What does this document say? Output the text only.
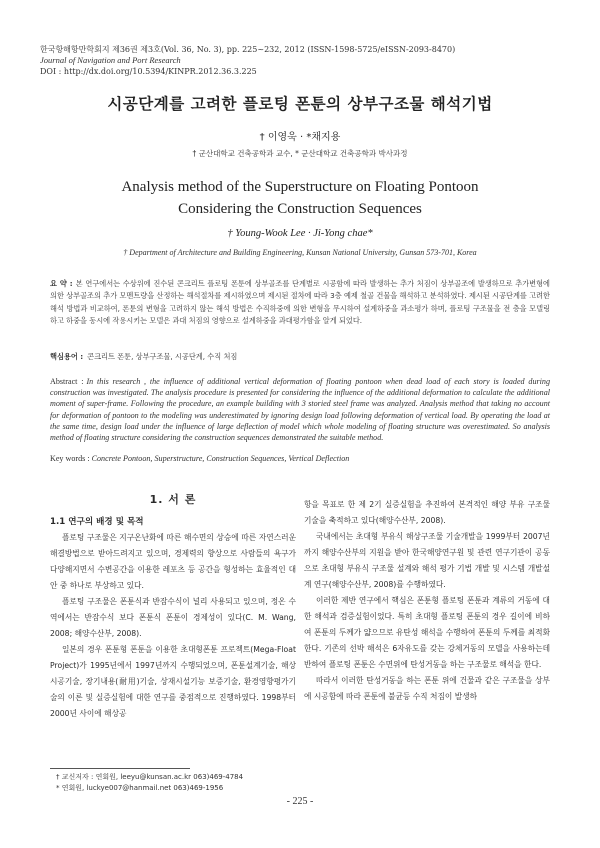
한국항해항만학회지 제36권 제3호(Vol. 36, No. 3), pp. 225~232, 2012 (ISSN-1598-5725/eISSN-2093-8470)
Journal of Navigation and Port Research
DOI : http://dx.doi.org/10.5394/KINPR.2012.36.3.225
시공단계를 고려한 플로팅 폰툰의 상부구조물 해석기법
† 이영욱 · *채지용
† 군산대학교 건축공학과 교수, * 군산대학교 건축공학과 박사과정
Analysis method of the Superstructure on Floating Pontoon
Considering the Construction Sequences
† Young-Wook Lee · Ji-Yong chae*
† Department of Architecture and Building Engineering, Kunsan National University, Gunsan 573-701, Korea
요 약 : 본 연구에서는 수상위에 진수된 콘크리트 플로팅 폰툰에 상부골조를 단계별로 시공함에 따라 발생하는 추가 처짐이 상부골조에 발생하므로 추가변형에 의한 상부골조의 추가 모멘트량을 산정하는 해석절차를 제시하였으며 제시된 절차에 따라 3층 예제 철골 건물을 해석하고 분석하였다. 제시된 시공단계를 고려한 해석 방법과 비교하여, 폰툰의 변형을 고려하지 않는 해석 방법은 수직하중에 의한 변형을 무시하여 설계하중을 과소평가 하며, 플로팅 구조물을 전 층을 모델링하고 하중을 동시에 작용시키는 모델은 과대 처짐의 영향으로 설계하중을 과대평가함을 알게 되었다.
핵심용어 : 콘크리트 폰툰, 상부구조물, 시공단계, 수직 처짐
Abstract : In this research , the influence of additional vertical deformation of floating pontoon when dead load of each story is loaded during construction was investigated. The analysis procedure is presented for considering the influence of the additional deformation to calculate the additional moment of super-frame. Following the procedure, an example building with 3 storied steel frame was analyzed. Analysis method that taking no account for deformation of pontoon to the modeling was underestimated by ignoring design load following deformation of vertical load. By operating the load at the same time, design load under the influence of large deflection of model which whole modeling of floating structure was overestimated. So analysis method of floating structure considering the construction sequences demonstrated the suitable method.
Key words : Concrete Pontoon, Superstructure, Construction Sequences, Vertical Deflection
1. 서 론

1.1 연구의 배경 및 목적

플로팅 구조물은 지구온난화에 따른 해수면의 상승에 따른 자연스러운 해결방법으로 받아드려지고 있으며, 경제력의 향상으로 사람들의 욕구가 다양해지면서 수변공간을 이용한 레포츠 등 공간을 형성하는 효율적인 대안 중 하나로 부상하고 있다.

플로팅 구조물은 폰툰식과 반잠수식이 널리 사용되고 있으며, 정온 수역에서는 반잠수식 보다 폰툰식 폰툰이 경제성이 있다(C. M. Wang, 2008; 해양수산부, 2008).

일본의 경우 폰툰형 폰툰을 이용한 초대형폰툰 프로젝트(Mega-Float Project)가 1995년에서 1997년까지 수행되었으며, 폰툰설계기술, 해상시공기술, 장기내용(耐用)기술, 상재시설기능 보증기술, 환경영향평가기술의 이론 및 실증실험에 대한 연구를 중점적으로 진행하였다. 1998부터 2000년 사이에 해상공

항을 목표로 한 제 2기 실증실험을 추진하여 본격적인 해양 부유 구조물 기술을 축적하고 있다(해양수산부, 2008).

국내에서는 초대형 부유식 해상구조물 기술개발을 1999부터 2007년까지 해양수산부의 지원을 받아 한국해양연구원 및 관련 연구기관이 공동으로 초대형 부유식 구조물 설계와 해석 평가 기법 개발 및 시스템 개발설계 연구(해양수산부, 2008)를 수행하였다.

이러한 제반 연구에서 핵심은 폰툰형 플로팅 폰툰과 계류의 거동에 대한 해석과 검증실험이었다. 특히 초대형 플로팅 폰툰의 경우 길이에 비하여 폰툰의 두께가 얇으므로 유탄성 해석을 수행하여 폰툰의 두께를 최적화한다. 기존의 선박 해석은 6자유도를 갖는 강체거동의 모델을 사용하는데 반하여 플로팅 폰툰은 수면위에 탄성거동을 하는 구조물로 해석을 한다.

따라서 이러한 탄성거동을 하는 폰툰 위에 건물과 같은 구조물을 상부에 시공함에 따라 폰툰에 불균등 수직 처짐이 발생하

† 교신저자 : 연회원, leeyu@kunsan.ac.kr 063)469-4784
* 연회원, luckye007@hanmail.net 063)469-1956
- 225 -
